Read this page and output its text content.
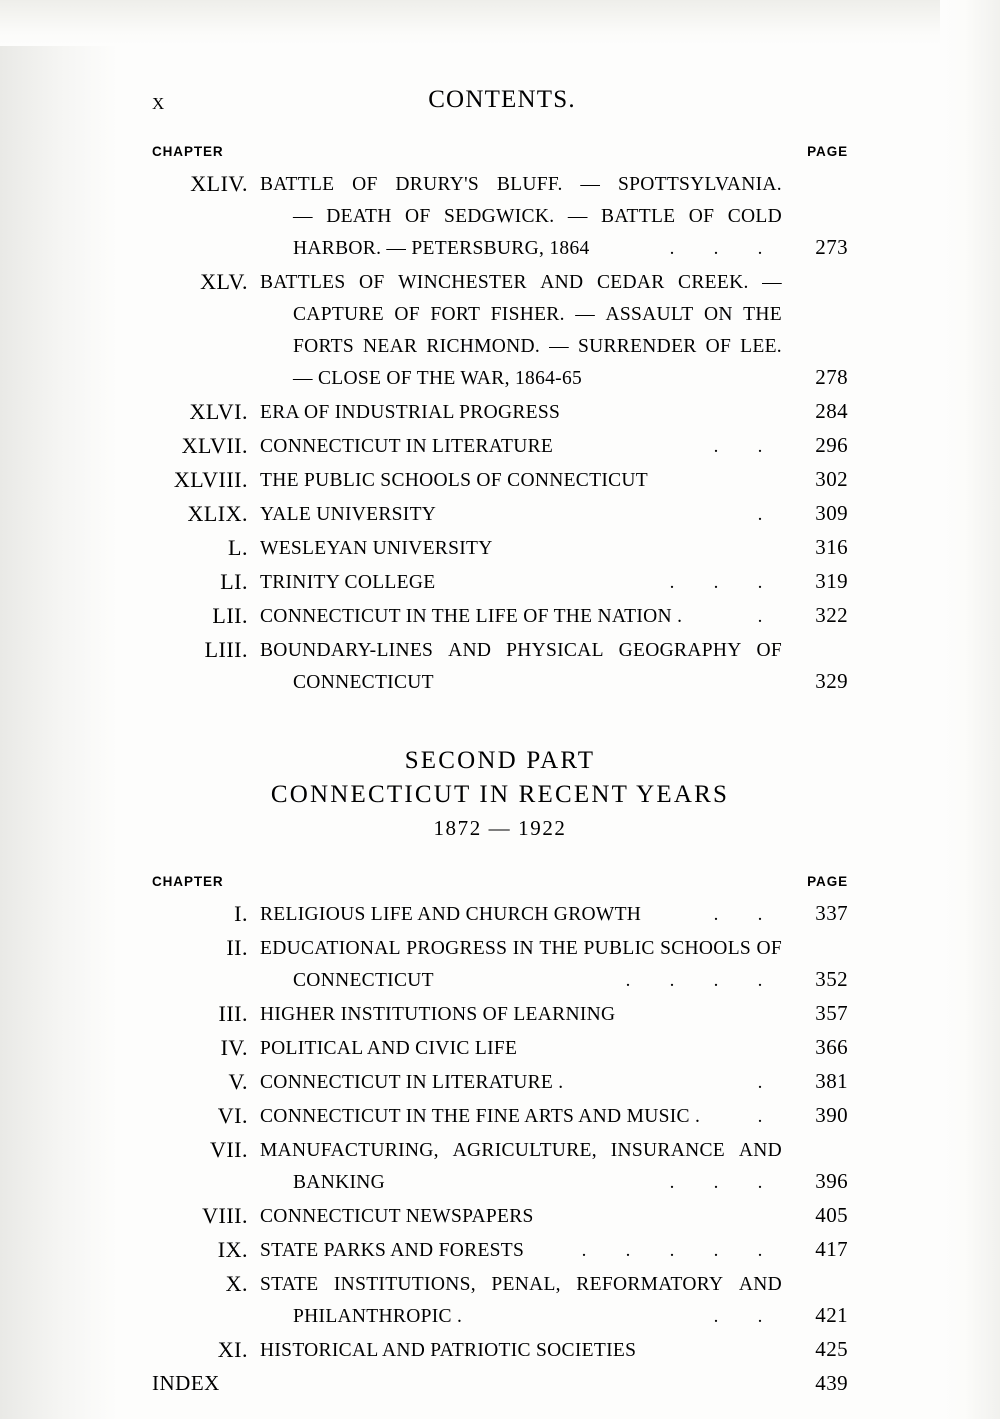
X	CONTENTS.
CHAPTER	PAGE
XLIV. BATTLE OF DRURY'S BLUFF. — SPOTTSYLVANIA.
— DEATH OF SEDGWICK. — BATTLE OF COLD
HARBOR. — PETERSBURG, 1864	.	.	.	273
XLV. BATTLES OF WINCHESTER AND CEDAR CREEK. —
CAPTURE OF FORT FISHER. — ASSAULT ON THE
FORTS NEAR RICHMOND. — SURRENDER OF LEE.
— CLOSE OF THE WAR, 1864-65	278
XLVI. ERA OF INDUSTRIAL PROGRESS	284
XLVII. CONNECTICUT IN LITERATURE	.	.	296
XLVIII. THE PUBLIC SCHOOLS OF CONNECTICUT	302
XLIX. YALE UNIVERSITY	.	309
L. WESLEYAN UNIVERSITY	316
LI. TRINITY COLLEGE	.	.	.	319
LII. CONNECTICUT IN THE LIFE OF THE NATION .	.	322
LIII. BOUNDARY-LINES AND PHYSICAL GEOGRAPHY OF
CONNECTICUT	329
SECOND PART
CONNECTICUT IN RECENT YEARS
1872 — 1922
CHAPTER	PAGE
I. RELIGIOUS LIFE AND CHURCH GROWTH	.	.	337
II. EDUCATIONAL PROGRESS IN THE PUBLIC SCHOOLS OF
CONNECTICUT	.	.	.	.	352
III. HIGHER INSTITUTIONS OF LEARNING	357
IV. POLITICAL AND CIVIC LIFE	366
V. CONNECTICUT IN LITERATURE .	.	381
VI. CONNECTICUT IN THE FINE ARTS AND MUSIC .	.	390
VII. MANUFACTURING, AGRICULTURE, INSURANCE AND
BANKING	.	.	.	396
VIII. CONNECTICUT NEWSPAPERS	405
IX. STATE PARKS AND FORESTS	.	.	.	.	.	417
X. STATE INSTITUTIONS, PENAL, REFORMATORY AND
PHILANTHROPIC .	.	.	421
XI. HISTORICAL AND PATRIOTIC SOCIETIES	425
INDEX	439
